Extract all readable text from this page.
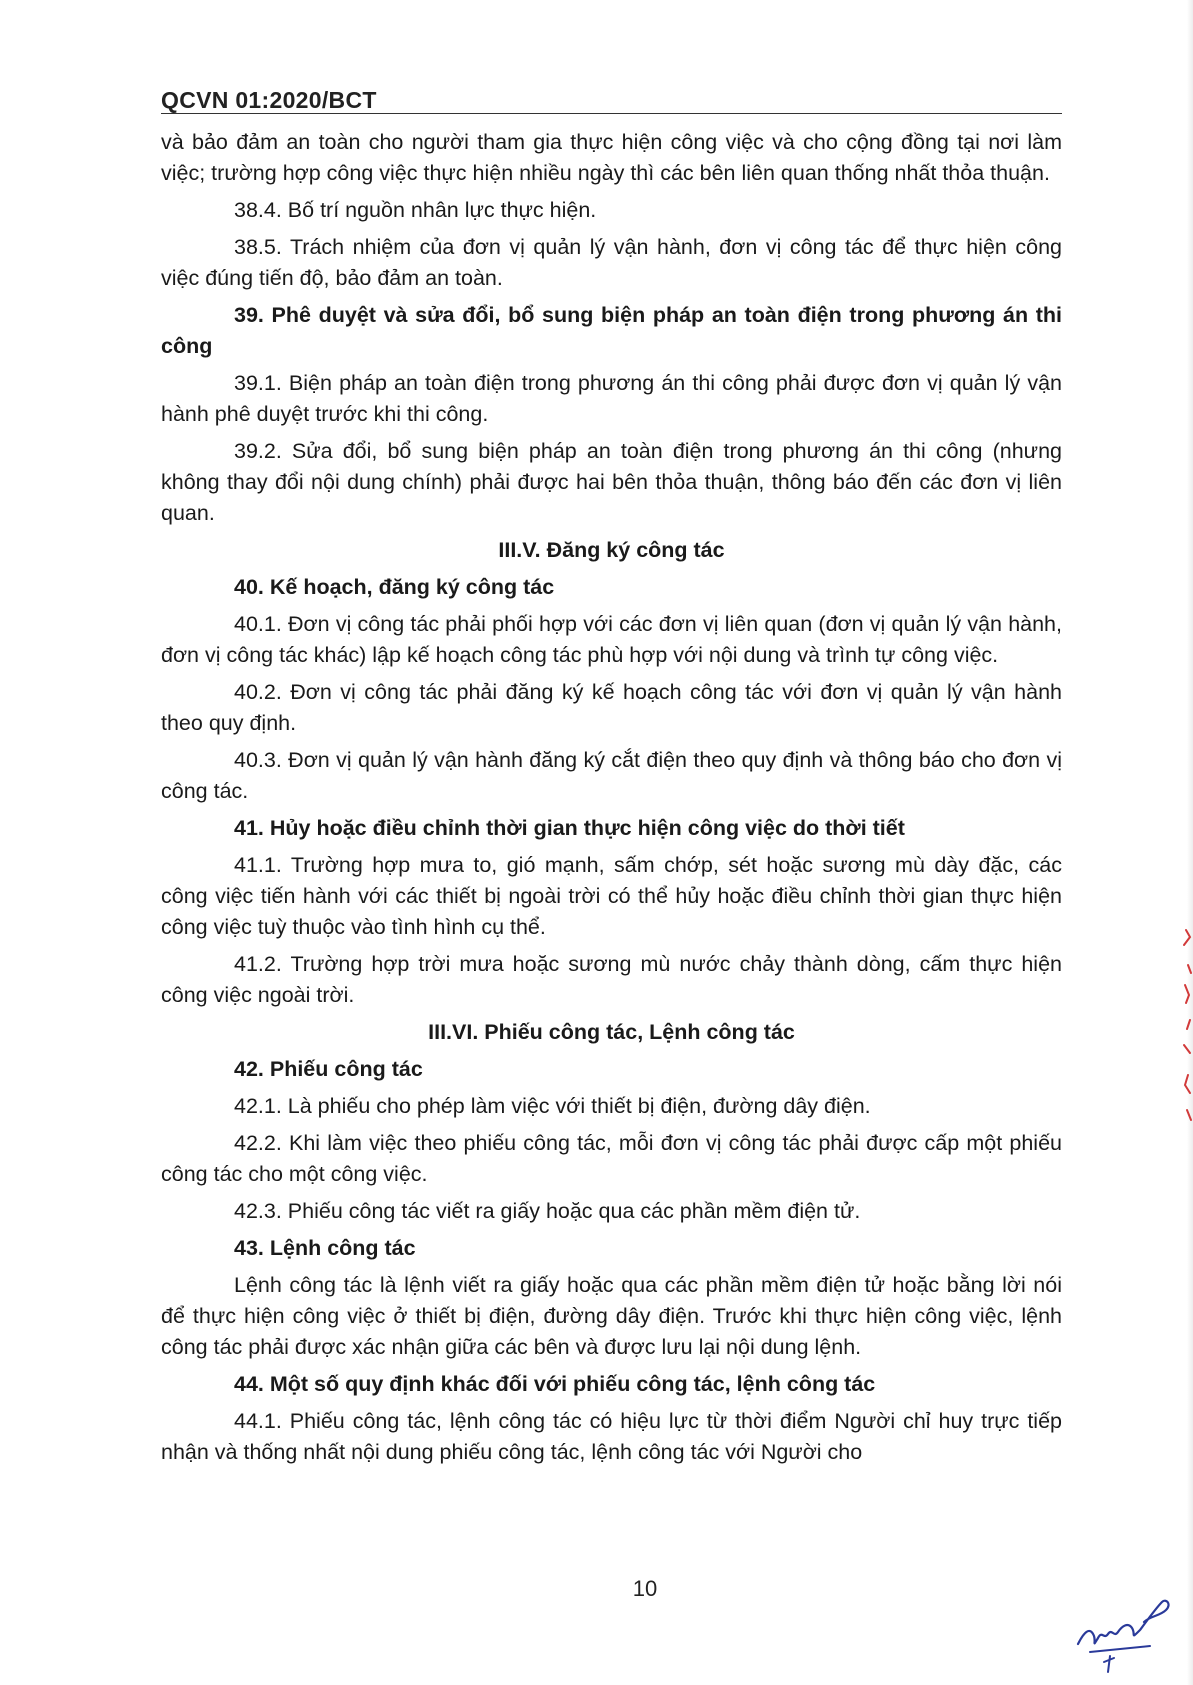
QCVN 01:2020/BCT

và bảo đảm an toàn cho người tham gia thực hiện công việc và cho cộng đồng tại nơi làm việc; trường hợp công việc thực hiện nhiều ngày thì các bên liên quan thống nhất thỏa thuận.

38.4. Bố trí nguồn nhân lực thực hiện.

38.5. Trách nhiệm của đơn vị quản lý vận hành, đơn vị công tác để thực hiện công việc đúng tiến độ, bảo đảm an toàn.

39. Phê duyệt và sửa đổi, bổ sung biện pháp an toàn điện trong phương án thi công

39.1. Biện pháp an toàn điện trong phương án thi công phải được đơn vị quản lý vận hành phê duyệt trước khi thi công.

39.2. Sửa đổi, bổ sung biện pháp an toàn điện trong phương án thi công (nhưng không thay đổi nội dung chính) phải được hai bên thỏa thuận, thông báo đến các đơn vị liên quan.

III.V. Đăng ký công tác
40. Kế hoạch, đăng ký công tác

40.1. Đơn vị công tác phải phối hợp với các đơn vị liên quan (đơn vị quản lý vận hành, đơn vị công tác khác) lập kế hoạch công tác phù hợp với nội dung và trình tự công việc.

40.2. Đơn vị công tác phải đăng ký kế hoạch công tác với đơn vị quản lý vận hành theo quy định.

40.3. Đơn vị quản lý vận hành đăng ký cắt điện theo quy định và thông báo cho đơn vị công tác.

41. Hủy hoặc điều chỉnh thời gian thực hiện công việc do thời tiết

41.1. Trường hợp mưa to, gió mạnh, sấm chớp, sét hoặc sương mù dày đặc, các công việc tiến hành với các thiết bị ngoài trời có thể hủy hoặc điều chỉnh thời gian thực hiện công việc tuỳ thuộc vào tình hình cụ thể.

41.2. Trường hợp trời mưa hoặc sương mù nước chảy thành dòng, cấm thực hiện công việc ngoài trời.

III.VI. Phiếu công tác, Lệnh công tác
42. Phiếu công tác

42.1. Là phiếu cho phép làm việc với thiết bị điện, đường dây điện.

42.2. Khi làm việc theo phiếu công tác, mỗi đơn vị công tác phải được cấp một phiếu công tác cho một công việc.

42.3. Phiếu công tác viết ra giấy hoặc qua các phần mềm điện tử.

43. Lệnh công tác

Lệnh công tác là lệnh viết ra giấy hoặc qua các phần mềm điện tử hoặc bằng lời nói để thực hiện công việc ở thiết bị điện, đường dây điện. Trước khi thực hiện công việc, lệnh công tác phải được xác nhận giữa các bên và được lưu lại nội dung lệnh.

44. Một số quy định khác đối với phiếu công tác, lệnh công tác

44.1. Phiếu công tác, lệnh công tác có hiệu lực từ thời điểm Người chỉ huy trực tiếp nhận và thống nhất nội dung phiếu công tác, lệnh công tác với Người cho

10
